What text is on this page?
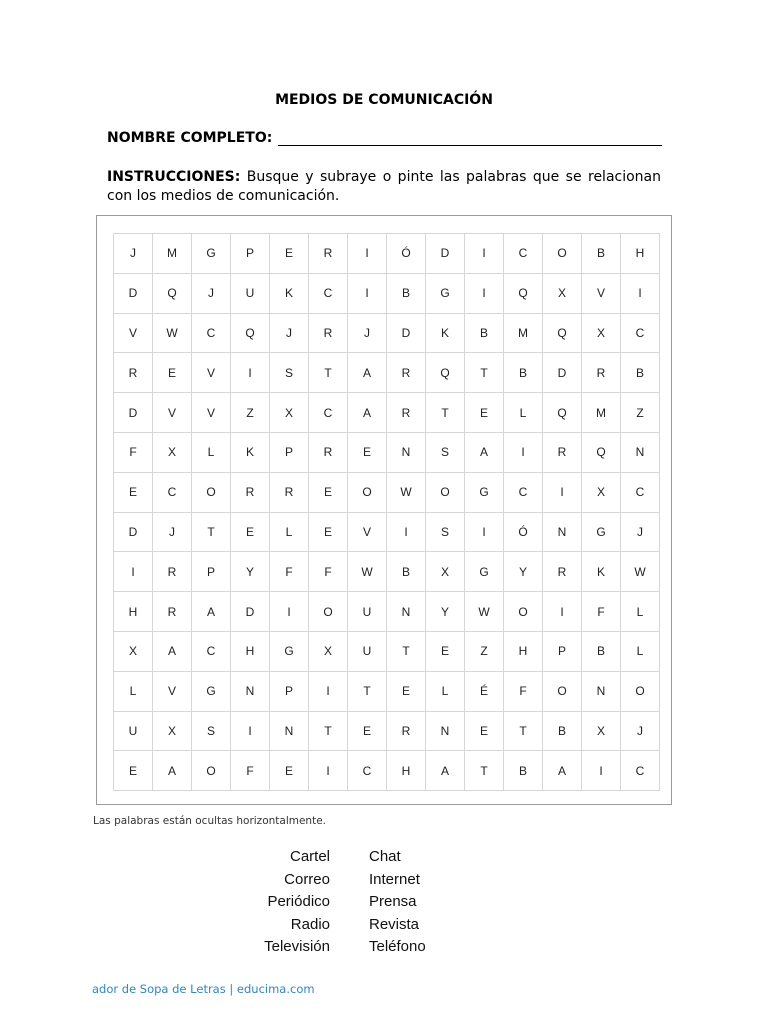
MEDIOS DE COMUNICACIÓN
NOMBRE COMPLETO:
INSTRUCCIONES: Busque y subraye o pinte las palabras que se relacionan con los medios de comunicación.
J	M	G	P	E	R	I	Ó	D	I	C	O	B	H
D	Q	J	U	K	C	I	B	G	I	Q	X	V	I
V	W	C	Q	J	R	J	D	K	B	M	Q	X	C
R	E	V	I	S	T	A	R	Q	T	B	D	R	B
D	V	V	Z	X	C	A	R	T	E	L	Q	M	Z
F	X	L	K	P	R	E	N	S	A	I	R	Q	N
E	C	O	R	R	E	O	W	O	G	C	I	X	C
D	J	T	E	L	E	V	I	S	I	Ó	N	G	J
I	R	P	Y	F	F	W	B	X	G	Y	R	K	W
H	R	A	D	I	O	U	N	Y	W	O	I	F	L
X	A	C	H	G	X	U	T	E	Z	H	P	B	L
L	V	G	N	P	I	T	E	L	É	F	O	N	O
U	X	S	I	N	T	E	R	N	E	T	B	X	J
E	A	O	F	E	I	C	H	A	T	B	A	I	C
Las palabras están ocultas horizontalmente.
Cartel	Chat
Correo	Internet
Periódico	Prensa
Radio	Revista
Televisión	Teléfono
ador de Sopa de Letras | educima.com
